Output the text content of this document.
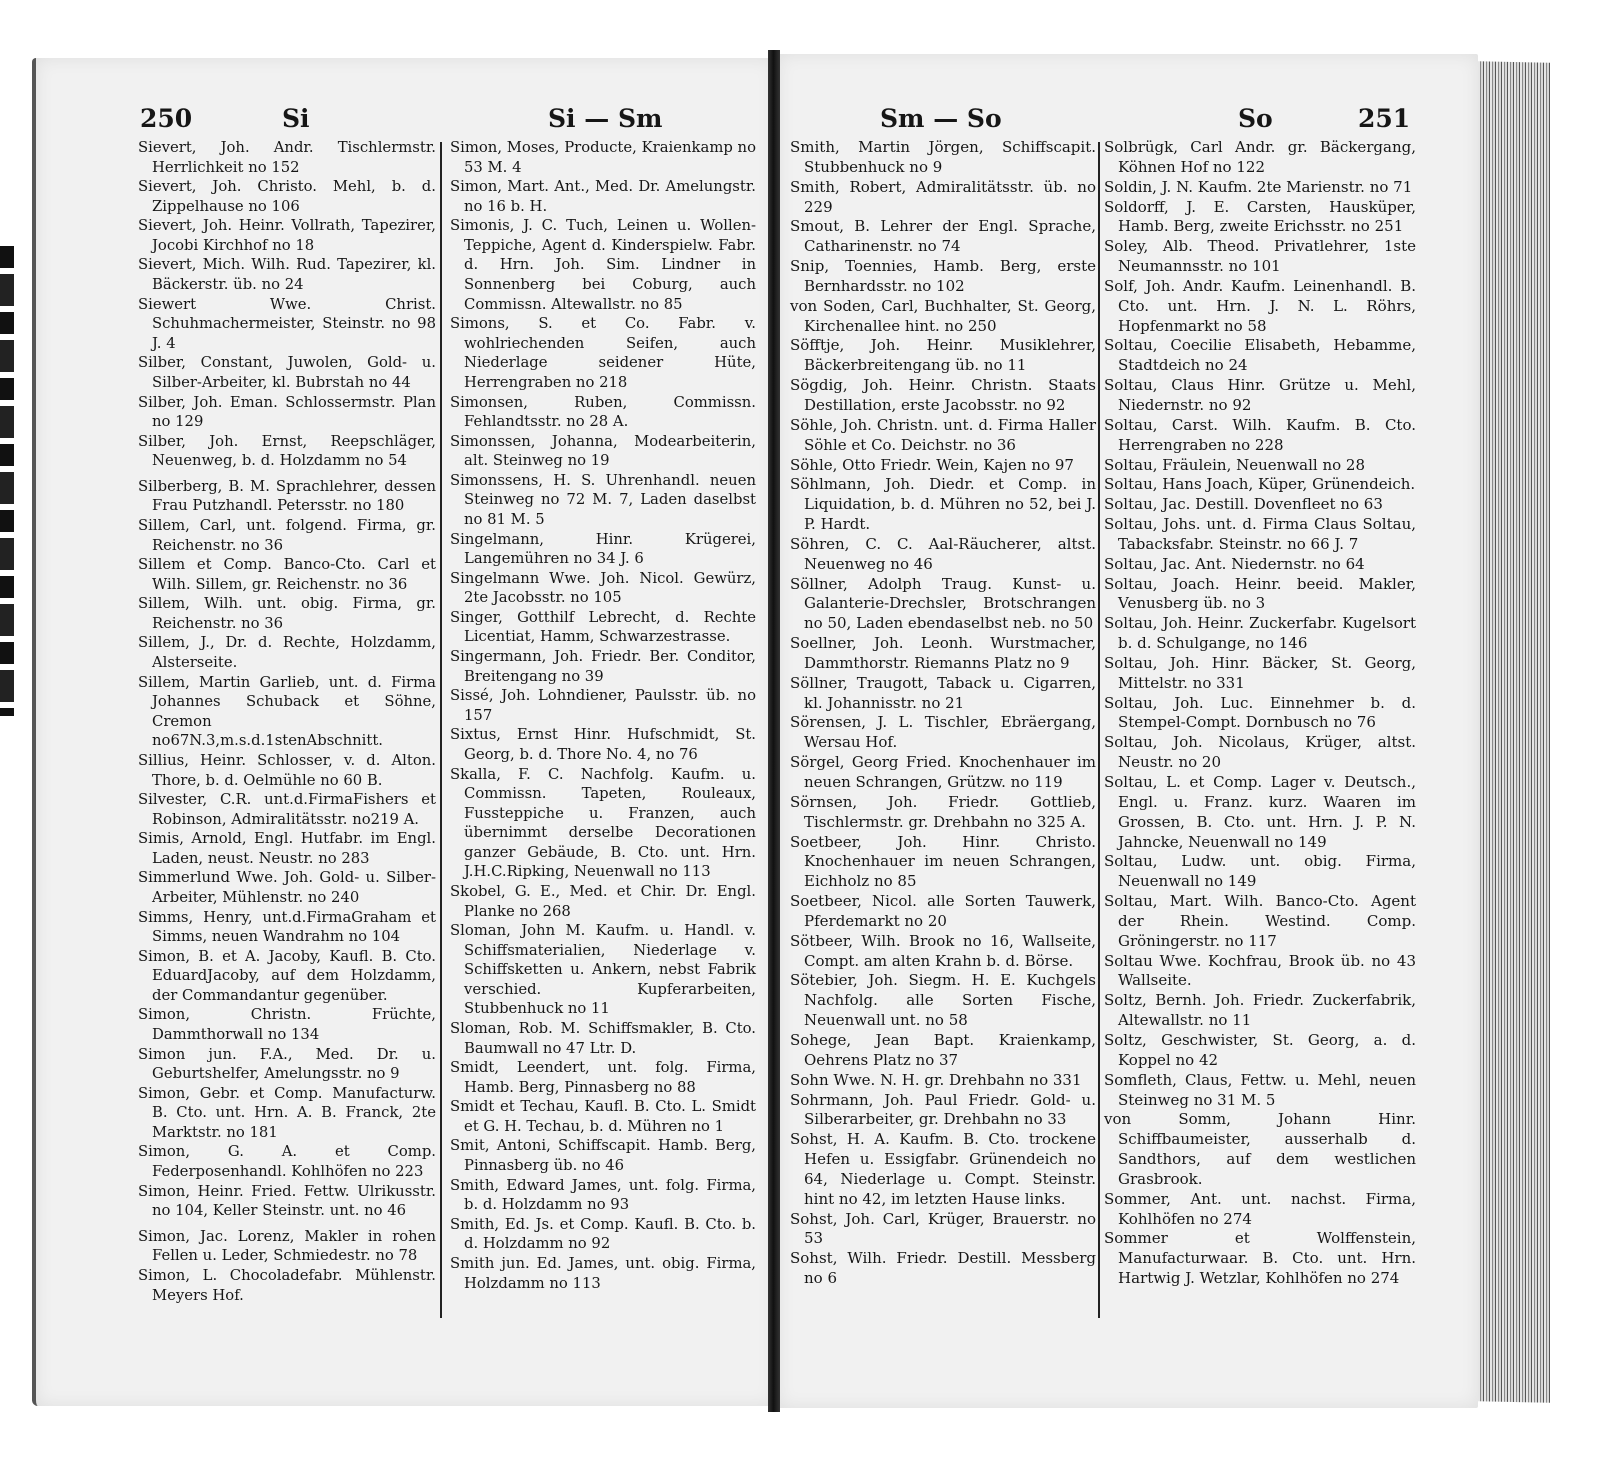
250	Si	Si — Sm	Sm — So	So	251
Sievert, Joh. Andr. Tischlermstr. Herrlichkeit no 152
Sievert, Joh. Christo. Mehl, b. d. Zippelhause no 106
Sievert, Joh. Heinr. Vollrath, Tapezirer, Jocobi Kirchhof no 18
Sievert, Mich. Wilh. Rud. Tapezirer, kl. Bäckerstr. üb. no 24
Siewert Wwe. Christ. Schuhmachermeister, Steinstr. no 98 J. 4
Silber, Constant, Juwolen, Gold- u. Silber-Arbeiter, kl. Bubrstah no 44
Silber, Joh. Eman. Schlossermstr. Plan no 129
Silber, Joh. Ernst, Reepschläger, Neuenweg, b. d. Holzdamm no 54
Silberberg, B. M. Sprachlehrer, dessen Frau Putzhandl. Petersstr. no 180
Sillem, Carl, unt. folgend. Firma, gr. Reichenstr. no 36
Sillem et Comp. Banco-Cto. Carl et Wilh. Sillem, gr. Reichenstr. no 36
Sillem, Wilh. unt. obig. Firma, gr. Reichenstr. no 36
Sillem, J., Dr. d. Rechte, Holzdamm, Alsterseite.
Sillem, Martin Garlieb, unt. d. Firma Johannes Schuback et Söhne, Cremon no67N.3,m.s.d.1stenAbschnitt.
Sillius, Heinr. Schlosser, v. d. Alton. Thore, b. d. Oelmühle no 60 B.
Silvester, C.R. unt.d.FirmaFishers et Robinson, Admiralitätsstr. no219 A.
Simis, Arnold, Engl. Hutfabr. im Engl. Laden, neust. Neustr. no 283
Simmerlund Wwe. Joh. Gold- u. Silber-Arbeiter, Mühlenstr. no 240
Simms, Henry, unt.d.FirmaGraham et Simms, neuen Wandrahm no 104
Simon, B. et A. Jacoby, Kaufl. B. Cto. EduardJacoby, auf dem Holzdamm, der Commandantur gegenüber.
Simon, Christn. Früchte, Dammthorwall no 134
Simon jun. F.A., Med. Dr. u. Geburtshelfer, Amelungsstr. no 9
Simon, Gebr. et Comp. Manufacturw. B. Cto. unt. Hrn. A. B. Franck, 2te Marktstr. no 181
Simon, G. A. et Comp. Federposenhandl. Kohlhöfen no 223
Simon, Heinr. Fried. Fettw. Ulrikusstr. no 104, Keller Steinstr. unt. no 46
Simon, Jac. Lorenz, Makler in rohen Fellen u. Leder, Schmiedestr. no 78
Simon, L. Chocoladefabr. Mühlenstr. Meyers Hof.
Simon, Moses, Producte, Kraienkamp no 53 M. 4
Simon, Mart. Ant., Med. Dr. Amelungstr. no 16 b. H.
Simonis, J. C. Tuch, Leinen u. Wollen-Teppiche, Agent d. Kinderspielw. Fabr. d. Hrn. Joh. Sim. Lindner in Sonnenberg bei Coburg, auch Commissn. Altewallstr. no 85
Simons, S. et Co. Fabr. v. wohlriechenden Seifen, auch Niederlage seidener Hüte, Herrengraben no 218
Simonsen, Ruben, Commissn. Fehlandtsstr. no 28 A.
Simonssen, Johanna, Modearbeiterin, alt. Steinweg no 19
Simonssens, H. S. Uhrenhandl. neuen Steinweg no 72 M. 7, Laden daselbst no 81 M. 5
Singelmann, Hinr. Krügerei, Langemühren no 34 J. 6
Singelmann Wwe. Joh. Nicol. Gewürz, 2te Jacobsstr. no 105
Singer, Gotthilf Lebrecht, d. Rechte Licentiat, Hamm, Schwarzestrasse.
Singermann, Joh. Friedr. Ber. Conditor, Breitengang no 39
Sissé, Joh. Lohndiener, Paulsstr. üb. no 157
Sixtus, Ernst Hinr. Hufschmidt, St. Georg, b. d. Thore No. 4, no 76
Skalla, F. C. Nachfolg. Kaufm. u. Commissn. Tapeten, Rouleaux, Fussteppiche u. Franzen, auch übernimmt derselbe Decorationen ganzer Gebäude, B. Cto. unt. Hrn. J.H.C.Ripking, Neuenwall no 113
Skobel, G. E., Med. et Chir. Dr. Engl. Planke no 268
Sloman, John M. Kaufm. u. Handl. v. Schiffsmaterialien, Niederlage v. Schiffsketten u. Ankern, nebst Fabrik verschied. Kupferarbeiten, Stubbenhuck no 11
Sloman, Rob. M. Schiffsmakler, B. Cto. Baumwall no 47 Ltr. D.
Smidt, Leendert, unt. folg. Firma, Hamb. Berg, Pinnasberg no 88
Smidt et Techau, Kaufl. B. Cto. L. Smidt et G. H. Techau, b. d. Mühren no 1
Smit, Antoni, Schiffscapit. Hamb. Berg, Pinnasberg üb. no 46
Smith, Edward James, unt. folg. Firma, b. d. Holzdamm no 93
Smith, Ed. Js. et Comp. Kaufl. B. Cto. b. d. Holzdamm no 92
Smith jun. Ed. James, unt. obig. Firma, Holzdamm no 113
Smith, Martin Jörgen, Schiffscapit. Stubbenhuck no 9
Smith, Robert, Admiralitätsstr. üb. no 229
Smout, B. Lehrer der Engl. Sprache, Catharinenstr. no 74
Snip, Toennies, Hamb. Berg, erste Bernhardsstr. no 102
von Soden, Carl, Buchhalter, St. Georg, Kirchenallee hint. no 250
Söfftje, Joh. Heinr. Musiklehrer, Bäckerbreitengang üb. no 11
Sögdig, Joh. Heinr. Christn. Staats Destillation, erste Jacobsstr. no 92
Söhle, Joh. Christn. unt. d. Firma Haller Söhle et Co. Deichstr. no 36
Söhle, Otto Friedr. Wein, Kajen no 97
Söhlmann, Joh. Diedr. et Comp. in Liquidation, b. d. Mühren no 52, bei J. P. Hardt.
Söhren, C. C. Aal-Räucherer, altst. Neuenweg no 46
Söllner, Adolph Traug. Kunst- u. Galanterie-Drechsler, Brotschrangen no 50, Laden ebendaselbst neb. no 50
Soellner, Joh. Leonh. Wurstmacher, Dammthorstr. Riemanns Platz no 9
Söllner, Traugott, Taback u. Cigarren, kl. Johannisstr. no 21
Sörensen, J. L. Tischler, Ebräergang, Wersau Hof.
Sörgel, Georg Fried. Knochenhauer im neuen Schrangen, Grützw. no 119
Sörnsen, Joh. Friedr. Gottlieb, Tischlermstr. gr. Drehbahn no 325 A.
Soetbeer, Joh. Hinr. Christo. Knochenhauer im neuen Schrangen, Eichholz no 85
Soetbeer, Nicol. alle Sorten Tauwerk, Pferdemarkt no 20
Sötbeer, Wilh. Brook no 16, Wallseite, Compt. am alten Krahn b. d. Börse.
Sötebier, Joh. Siegm. H. E. Kuchgels Nachfolg. alle Sorten Fische, Neuenwall unt. no 58
Sohege, Jean Bapt. Kraienkamp, Oehrens Platz no 37
Sohn Wwe. N. H. gr. Drehbahn no 331
Sohrmann, Joh. Paul Friedr. Gold- u. Silberarbeiter, gr. Drehbahn no 33
Sohst, H. A. Kaufm. B. Cto. trockene Hefen u. Essigfabr. Grünendeich no 64, Niederlage u. Compt. Steinstr. hint no 42, im letzten Hause links.
Sohst, Joh. Carl, Krüger, Brauerstr. no 53
Sohst, Wilh. Friedr. Destill. Messberg no 6
Solbrügk, Carl Andr. gr. Bäckergang, Köhnen Hof no 122
Soldin, J. N. Kaufm. 2te Marienstr. no 71
Soldorff, J. E. Carsten, Hausküper, Hamb. Berg, zweite Erichsstr. no 251
Soley, Alb. Theod. Privatlehrer, 1ste Neumannsstr. no 101
Solf, Joh. Andr. Kaufm. Leinenhandl. B. Cto. unt. Hrn. J. N. L. Röhrs, Hopfenmarkt no 58
Soltau, Coecilie Elisabeth, Hebamme, Stadtdeich no 24
Soltau, Claus Hinr. Grütze u. Mehl, Niedernstr. no 92
Soltau, Carst. Wilh. Kaufm. B. Cto. Herrengraben no 228
Soltau, Fräulein, Neuenwall no 28
Soltau, Hans Joach, Küper, Grünendeich.
Soltau, Jac. Destill. Dovenfleet no 63
Soltau, Johs. unt. d. Firma Claus Soltau, Tabacksfabr. Steinstr. no 66 J. 7
Soltau, Jac. Ant. Niedernstr. no 64
Soltau, Joach. Heinr. beeid. Makler, Venusberg üb. no 3
Soltau, Joh. Heinr. Zuckerfabr. Kugelsort b. d. Schulgange, no 146
Soltau, Joh. Hinr. Bäcker, St. Georg, Mittelstr. no 331
Soltau, Joh. Luc. Einnehmer b. d. Stempel-Compt. Dornbusch no 76
Soltau, Joh. Nicolaus, Krüger, altst. Neustr. no 20
Soltau, L. et Comp. Lager v. Deutsch., Engl. u. Franz. kurz. Waaren im Grossen, B. Cto. unt. Hrn. J. P. N. Jahncke, Neuenwall no 149
Soltau, Ludw. unt. obig. Firma, Neuenwall no 149
Soltau, Mart. Wilh. Banco-Cto. Agent der Rhein. Westind. Comp. Gröningerstr. no 117
Soltau Wwe. Kochfrau, Brook üb. no 43 Wallseite.
Soltz, Bernh. Joh. Friedr. Zuckerfabrik, Altewallstr. no 11
Soltz, Geschwister, St. Georg, a. d. Koppel no 42
Somfleth, Claus, Fettw. u. Mehl, neuen Steinweg no 31 M. 5
von Somm, Johann Hinr. Schiffbaumeister, ausserhalb d. Sandthors, auf dem westlichen Grasbrook.
Sommer, Ant. unt. nachst. Firma, Kohlhöfen no 274
Sommer et Wolffenstein, Manufacturwaar. B. Cto. unt. Hrn. Hartwig J. Wetzlar, Kohlhöfen no 274
